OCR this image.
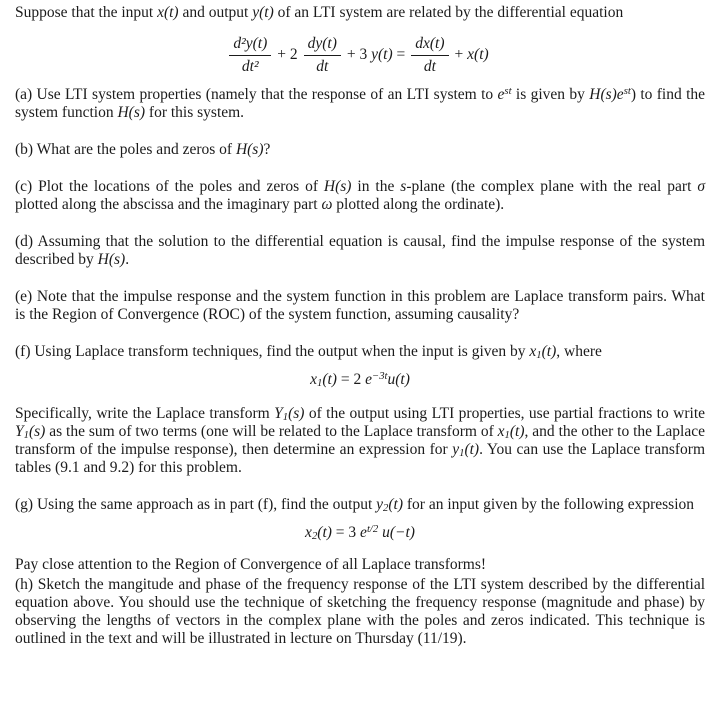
Suppose that the input x(t) and output y(t) of an LTI system are related by the differential equation

$\frac{\text{d²y(t)}}{\text{dt²}} + 2 \frac{dy(t)}{dt} + 3$ $y(t) = \frac{dx(t)}{dt} + x(t)$

(a) Use LTI system properties (namely that the response of an LTI system to $e^{st}$ is given by $H(s)e^{st}$) to find the system function H(s) for this system.

(b) What are the poles and zeros of H(s)?

(c) Plot the locations of the poles and zeros of H(s) in the s-plane (the complex plane with the real part σ plotted along the abscissa and the imaginary part ω plotted along the ordinate).

(d) Assuming that the solution to the differential equation is causal, find the impulse response of the system described by H(s).

(e) Note that the impulse response and the system function in this problem are Laplace transform pairs. What is the Region of Convergence (ROC) of the system function, assuming causality?

(f) Using Laplace transform techniques, find the output when the input is given by $x_1(t)$, where

$x_1(t) = 2$ $e^{-3t}u(t)$

Specifically, write the Laplace transform $Y_1(s)$ of the output using LTI properties, use partial fractions to write $Y_1(s)$ as the sum of two terms (one will be related to the Laplace transform of $x_1(t)$, and the other to the Laplace transform of the impulse response), then determine an expression for $y_1(t)$. You can use the Laplace transform tables (9.1 and 9.2) for this problem.

(g) Using the same approach as in part (f), find the output $y_2(t)$ for an input given by the following expression

$x_2(t) = 3$ $e^{t/2}$ u(−t)

Pay close attention to the Region of Convergence of all Laplace transforms!

(h) Sketch the mangitude and phase of the frequency response of the LTI system described by the differential equation above. You should use the technique of sketching the frequency response (magnitude and phase) by observing the lengths of vectors in the complex plane with the poles and zeros indicated. This technique is outlined in the text and will be illustrated in lecture on Thursday (11/19).
